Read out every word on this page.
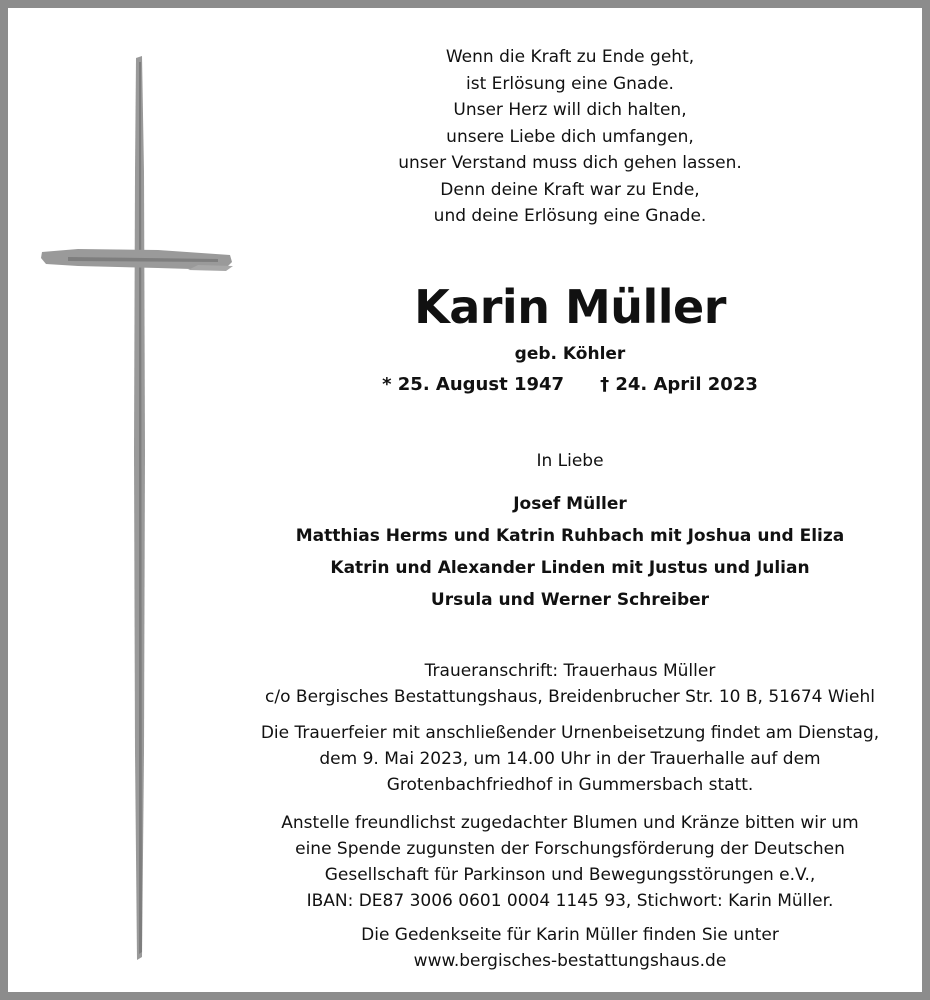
Wenn die Kraft zu Ende geht,
ist Erlösung eine Gnade.
Unser Herz will dich halten,
unsere Liebe dich umfangen,
unser Verstand muss dich gehen lassen.
Denn deine Kraft war zu Ende,
und deine Erlösung eine Gnade.
Karin Müller
geb. Köhler
* 25. August 1947 † 24. April 2023
In Liebe
Josef Müller
Matthias Herms und Katrin Ruhbach mit Joshua und Eliza
Katrin und Alexander Linden mit Justus und Julian
Ursula und Werner Schreiber
Traueranschrift: Trauerhaus Müller
c/o Bergisches Bestattungshaus, Breidenbrucher Str. 10 B, 51674 Wiehl
Die Trauerfeier mit anschließender Urnenbeisetzung findet am Dienstag,
dem 9. Mai 2023, um 14.00 Uhr in der Trauerhalle auf dem
Grotenbachfriedhof in Gummersbach statt.
Anstelle freundlichst zugedachter Blumen und Kränze bitten wir um
eine Spende zugunsten der Forschungsförderung der Deutschen
Gesellschaft für Parkinson und Bewegungsstörungen e.V.,
IBAN: DE87 3006 0601 0004 1145 93, Stichwort: Karin Müller.
Die Gedenkseite für Karin Müller finden Sie unter
www.bergisches-bestattungshaus.de
